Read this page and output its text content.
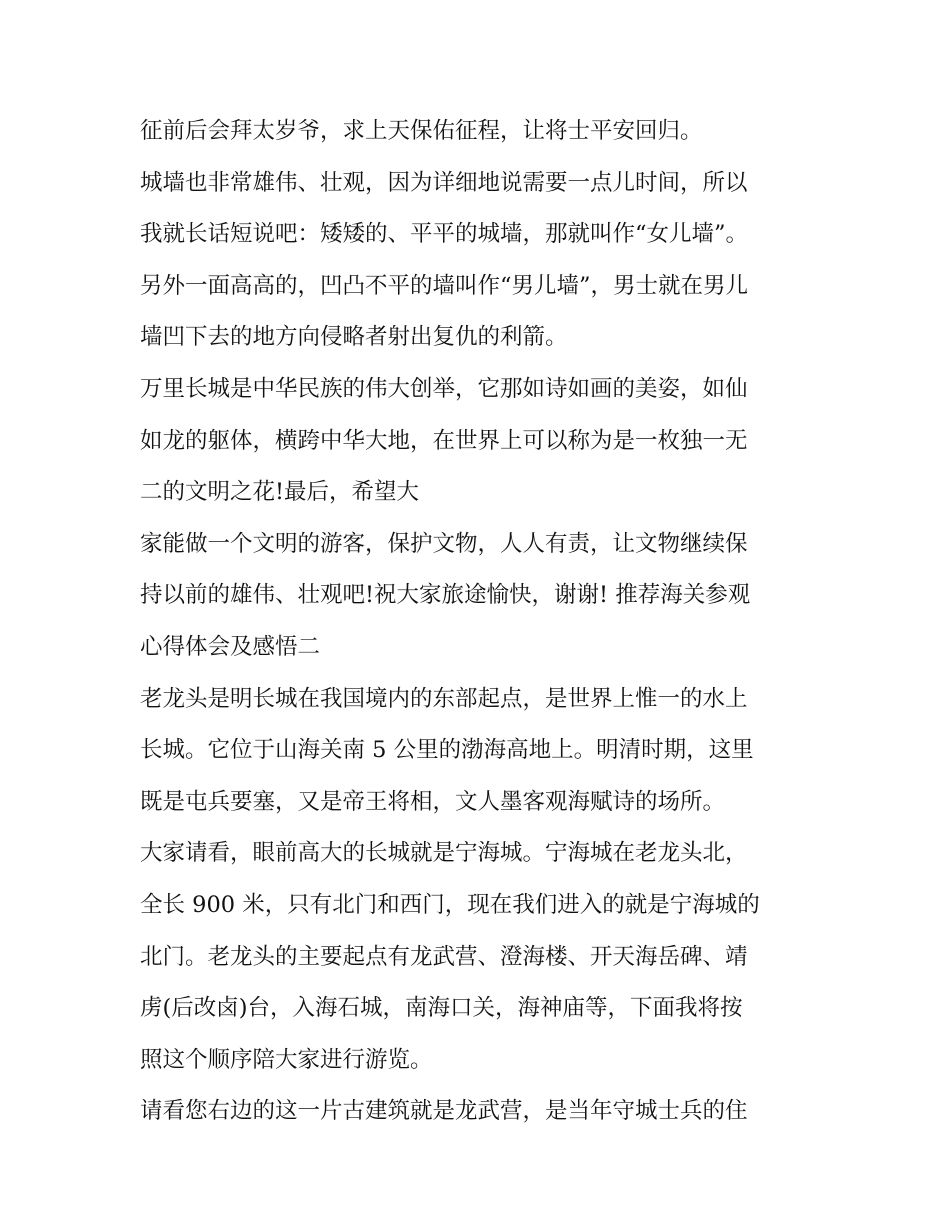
征前后会拜太岁爷，求上天保佑征程，让将士平安回归。
城墙也非常雄伟、壮观，因为详细地说需要一点儿时间，所以
我就长话短说吧：矮矮的、平平的城墙，那就叫作“女儿墙”。
另外一面高高的，凹凸不平的墙叫作“男儿墙”，男士就在男儿
墙凹下去的地方向侵略者射出复仇的利箭。
万里长城是中华民族的伟大创举，它那如诗如画的美姿，如仙
如龙的躯体，横跨中华大地，在世界上可以称为是一枚独一无
二的文明之花!最后，希望大
家能做一个文明的游客，保护文物，人人有责，让文物继续保
持以前的雄伟、壮观吧!祝大家旅途愉快，谢谢! 推荐海关参观
心得体会及感悟二
老龙头是明长城在我国境内的东部起点，是世界上惟一的水上
长城。它位于山海关南 5 公里的渤海高地上。明清时期，这里
既是屯兵要塞，又是帝王将相，文人墨客观海赋诗的场所。
大家请看，眼前高大的长城就是宁海城。宁海城在老龙头北，
全长 900 米，只有北门和西门，现在我们进入的就是宁海城的
北门。老龙头的主要起点有龙武营、澄海楼、开天海岳碑、靖
虏(后改卤)台，入海石城，南海口关，海神庙等，下面我将按
照这个顺序陪大家进行游览。
请看您右边的这一片古建筑就是龙武营，是当年守城士兵的住
